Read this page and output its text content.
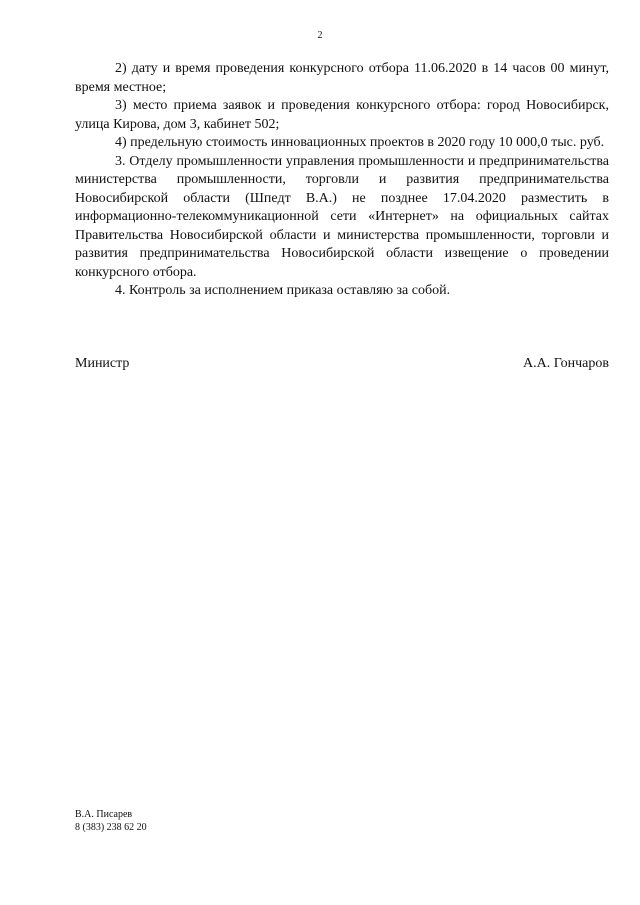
2

2) дату и время проведения конкурсного отбора 11.06.2020 в 14 часов 00 минут, время местное;

3) место приема заявок и проведения конкурсного отбора: город Новосибирск, улица Кирова, дом 3, кабинет 502;

4) предельную стоимость инновационных проектов в 2020 году 10 000,0 тыс. руб.

3. Отделу промышленности управления промышленности и предпринимательства министерства промышленности, торговли и развития предпринимательства Новосибирской области (Шпедт В.А.) не позднее 17.04.2020 разместить в информационно-телекоммуникационной сети «Интернет» на официальных сайтах Правительства Новосибирской области и министерства промышленности, торговли и развития предпринимательства Новосибирской области извещение о проведении конкурсного отбора.

4. Контроль за исполнением приказа оставляю за собой.

Министр	А.А. Гончаров
В.А. Писарев
8 (383) 238 62 20
